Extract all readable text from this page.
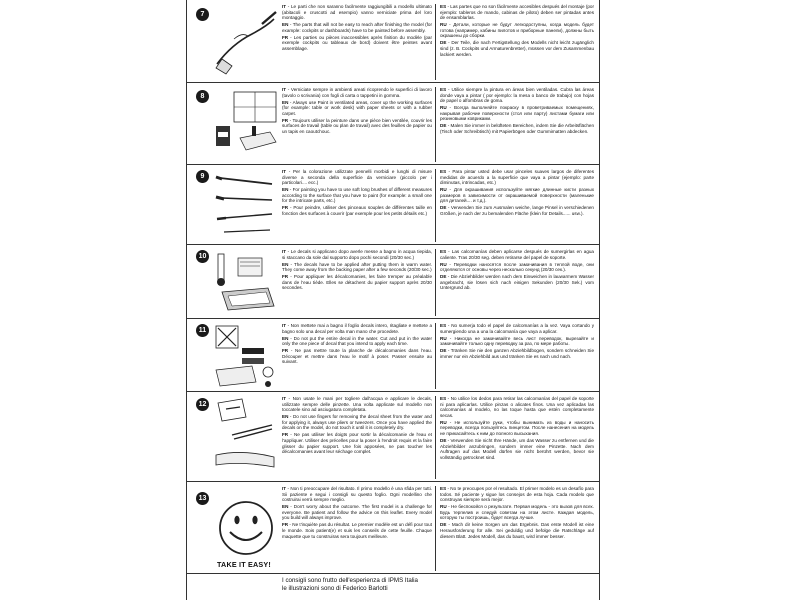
7
8
9
10
11
12
13
TAKE IT EASY!

IT - Le parti che non saranno facilmente raggiungibili a modello ultimato (abitacoli e cruscotti ad esempio) vanno verniciate prima del loro montaggio.

EN - The parts that will not be easy to reach after finishing the model (for example: cockpits or dashboards) have to be painted before assembly.

FR - Les parties ou pièces inaccessibles après finition du modèle (par exemple cockpits ou tableaux de bord) doivent être peintes avant assemblage.

ES - Las partes que no son fácilmente accesibles después del montaje (por ejemplo: tableros de mando, cabinas de piloto) deben ser pintadas antes de ensamblarlas.

RU - Детали, которые не будут легкодоступны, когда модель будет готова (например, кабины пилотов и приборные панели), должны быть окрашены до сборки.

DE - Der Teile, die nach Fertigstellung des Modells nicht leicht zugänglich sind (z. B. Cockpits und Armaturenbretter), müssen vor dem Zusammenbau lackiert werden.

IT - Verniciate sempre in ambienti areati ricoprendo le superfici di lavoro (tavolo o scrivania) con fogli di carta o tappetini in gomma.

EN - Always use Paint in ventilated areas, cover up the working surfaces (for example: table or work desk) with paper sheets or with a rubber carpet.

FR - Toujours utiliser la peinture dans une pièce bien ventilée, couvrir les surfaces de travail (table ou plan de travail) avec des feuilles de papier ou un tapis en caoutchouc.

ES - Utilice siempre la pintura en áreas bien ventiladas. Cubra las áreas donde vaya a pintar ( por ejemplo: la mesa o banco de trabajo) con hojas de papel o alfombras de goma.

RU - Всегда выполняйте покраску в проветриваемых помещениях, накрывая рабочие поверхности (стол или парту) листами бумаги или резиновыми ковриками.

DE - Malen Sie immer in belüfteten Bereichen, indem Sie die Arbeitsflächen (Tisch oder Schreibtisch) mit Papierbögen oder Gummimatten abdecken.

IT - Per la colorazione utilizzate pennelli morbidi e lunghi di misure diverse a seconda della superficie da verniciare (piccolo per i particolari.... ecc.)

EN - For painting you have to use soft long brushes of different measures according to the surface that you have to paint (for example: a small one for the intricate parts, etc.)

FR - Pour peindre, utiliser des pinceaux souples de différentes taille en fonction des surfaces à couvrir (par exemple pour les petits détails etc.)

ES - Para pintar usted debe usar pinceles suaves largos de diferentes medidas de acuerdo a la superficie que vaya a pintar (ejemplo: parte diminutas, intrincadas, etc.)

RU - Для окрашивания используйте мягкие длинные кисти разных размеров в зависимости от окрашиваемой поверхности (маленькие для деталей.... и т.д.).

DE - Verwenden Sie zum Ausmalen weiche, lange Pinsel in verschiedenen Größen, je nach der zu bemalenden Fläche (klein für Details...... usw.).

IT - Le decals si applicano dopo averle messe a bagno in acqua tiepida, si staccano da sole dal supporto dopo pochi secondi (20/30 sec.)

EN - The decals have to be applied after putting them in warm water. They come away from the backing paper after a few seconds (20/30 sec.)

FR - Pour appliquer les décalcomanies, les faire tremper au préalable dans de l'eau tiède. Elles se détachent du papier support après 20/30 secondes.

ES - Las calcomanías deben aplicarse después de sumergirlas en agua caliente. Tras 20/30 seg. deben retirarse del papel de soporte.

RU - Переводки наносятся после замачивания в теплой воде, они отделяются от основы через несколько секунд (20/30 сек.).

DE - Die Abziehbilder werden nach dem Einweichen in lauwarmem Wasser angebracht, sie lösen sich nach einigen Sekunden (20/30 Sek.) vom Untergrund ab.

IT - Non mettete mai a bagno il foglio decals intero, ritagliate e mettete a bagno solo una decal per volta man mano che procedete.

EN - Do not put the entire decal in the water. Cut and put in the water only the one piece of decal that you intend to apply each time.

FR - Ne pas mettre toute la planche de décalcomanies dans l'eau. Découper et mettre dans l'eau le motif à poser. Passer ensuite au suivant.

ES - No sumerja todo el papel de calcomanías a la vez. Vaya cortando y sumergiendo una a una la calcomanía que vaya a aplicar.

RU - Никогда не замачивайте весь лист переводок, вырезайте и замачивайте только одну переводку за раз, по мере работы.

DE - Tränken Sie nie den ganzen Abziehbildbogen, sondern schneiden Sie immer nur ein Abziehbild aus und tränken Sie es nach und nach.

IT - Non usate le mani per togliere dall'acqua e applicare le decals, utilizzate sempre delle pinzette. Una volta applicate sul modello non toccatele sino ad asciugatura completata.

EN - Do not use fingers for removing the decal sheet from the water and for applying it, always use pliers or tweezers. Once you have applied the decals on the model, do not touch it until it is completely dry.

FR - Ne pas utiliser les doigts pour sortir la décalcomanie de l'eau et l'appliquer. Utiliser des précelles pour la poser à l'endroit requis et la faire glisser du papier support. Une fois apposées, ne pas toucher les décalcomanies avant leur séchage complet.

ES - No utilice los dedos para retirar las calcomanías del papel de soporte ni para aplicarlas. Utilice pinzas o alicates finos. Una vez aplicadas las calcomanías al modelo, no las toque hasta que estén completamente secas.

RU - Не используйте руки, чтобы вынимать из воды и наносить переводки, всегда пользуйтесь пинцетом. После нанесения на модель не прикасайтесь к ним до полного высыхания.

DE - Verwenden Sie nicht Ihre Hände, um das Wasser zu entfernen und die Abziehbilder anzubringen, sondern immer eine Pinzette. Nach dem Auftragen auf das Modell dürfen sie nicht berührt werden, bevor sie vollständig getrocknet sind.

IT - Non ti preoccupare del risultato. Il primo modello è una sfida per tutti. Sii paziente e segui i consigli su questo foglio. Ogni modellino che costruirai verrà sempre meglio.

EN - Don't worry about the outcome. The first model is a challenge for everyone. Be patient and follow the advice on this leaflet. Every model you build will always improve.

FR - Ne t'inquiète pas du résultat. Le premier modèle est un défi pour tout le monde. Sois patient(e) et suis les conseils de cette feuille. Chaque maquette que tu construiras sera toujours meilleure.

ES - No te preocupes por el resultado. El primer modelo es un desafío para todos. Sé paciente y sigue los consejos de esta hoja. Cada modelo que construyas siempre será mejor.

RU - Не беспокойся о результате. Первая модель - это вызов для всех. Будь терпелив и следуй советам на этом листе. Каждая модель, которую ты построишь, будет всегда лучше.

DE - Mach dir keine Sorgen um das Ergebnis. Das erste Modell ist eine Herausforderung für alle. Sei geduldig und befolge die Ratschläge auf diesem Blatt. Jedes Modell, das du baust, wird immer besser.

I consigli sono frutto dell'esperienza di IPMS Italia
le illustrazioni sono di Federico Barlotti
